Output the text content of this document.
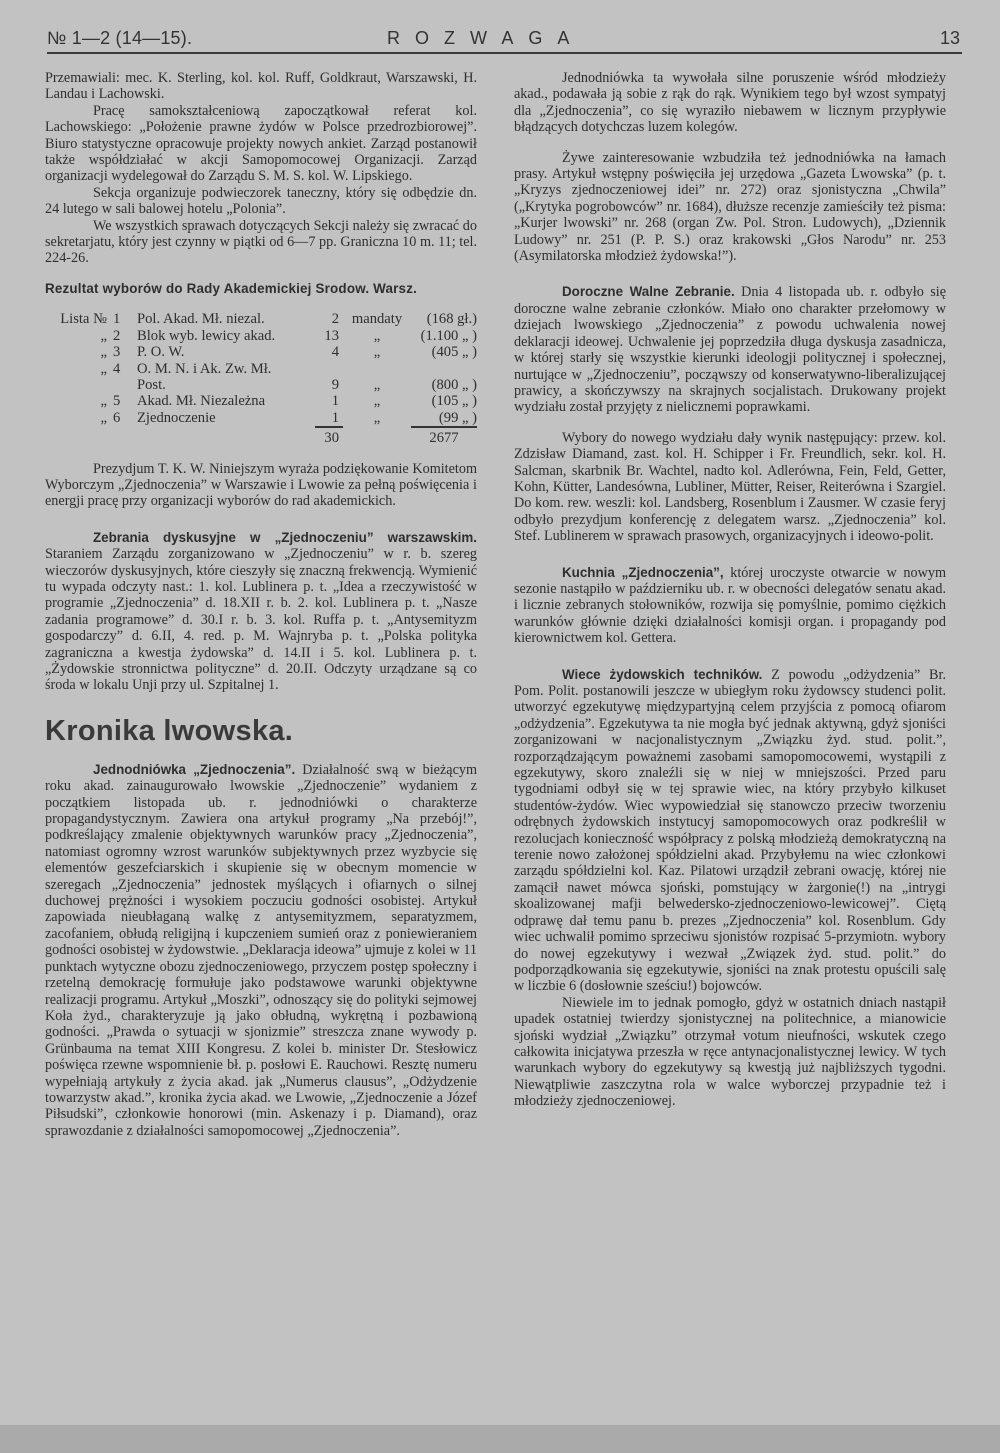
№ 1—2 (14—15).	ROZWAGA	13

Przemawiali: mec. K. Sterling, kol. kol. Ruff, Goldkraut, Warszawski, H. Landau i Lachowski.

Pracę samokształceniową zapoczątkował referat kol. Lachowskiego: „Położenie prawne żydów w Polsce przedrozbiorowej”. Biuro statystyczne opracowuje projekty nowych ankiet. Zarząd postanowił także współdziałać w akcji Samopomocowej Organizacji. Zarząd organizacji wydelegował do Zarządu S. M. S. kol. W. Lipskiego.

Sekcja organizuje podwieczorek taneczny, który się odbędzie dn. 24 lutego w sali balowej hotelu „Polonia”.

We wszystkich sprawach dotyczących Sekcji należy się zwracać do sekretarjatu, który jest czynny w piątki od 6—7 pp. Graniczna 10 m. 11; tel. 224-26.

Rezultat wyborów do Rady Akademickiej Srodow. Warsz.
Lista №	1	Pol. Akad. Mł. niezal.	2	mandaty	(168 gł.)
„	2	Blok wyb. lewicy akad.	13	„	(1.100 „ )
„	3	P. O. W.	4	„	(405 „ )
„	4	O. M. N. i Ak. Zw. Mł.			
		Post.	9	„	(800 „ )
„	5	Akad. Mł. Niezależna	1	„	(105 „ )
„	6	Zjednoczenie	1	„	(99 „ )
			30		2677

Prezydjum T. K. W. Niniejszym wyraża podziękowanie Komitetom Wyborczym „Zjednoczenia” w Warszawie i Lwowie za pełną poświęcenia i energji pracę przy organizacji wyborów do rad akademickich.

Zebrania dyskusyjne w „Zjednoczeniu” warszawskim. Staraniem Zarządu zorganizowano w „Zjednoczeniu” w r. b. szereg wieczorów dyskusyjnych, które cieszyły się znaczną frekwencją. Wymienić tu wypada odczyty nast.: 1. kol. Lublinera p. t. „Idea a rzeczywistość w programie „Zjednoczenia” d. 18.XII r. b. 2. kol. Lublinera p. t. „Nasze zadania programowe” d. 30.I r. b. 3. kol. Ruffa p. t. „Antysemityzm gospodarczy” d. 6.II, 4. red. p. M. Wajnryba p. t. „Polska polityka zagraniczna a kwestja żydowska” d. 14.II i 5. kol. Lublinera p. t. „Żydowskie stronnictwa polityczne” d. 20.II. Odczyty urządzane są co środa w lokalu Unji przy ul. Szpitalnej 1.

Kronika lwowska.

Jednodniówka „Zjednoczenia”. Działalność swą w bieżącym roku akad. zainaugurowało lwowskie „Zjednoczenie” wydaniem z początkiem listopada ub. r. jednodniówki o charakterze propagandystycznym. Zawiera ona artykuł programy „Na przebój!”, podkreślający zmalenie objektywnych warunków pracy „Zjednoczenia”, natomiast ogromny wzrost warunków subjektywnych przez wyzbycie się elementów geszefciarskich i skupienie się w obecnym momencie w szeregach „Zjednoczenia” jednostek myślących i ofiarnych o silnej duchowej prężności i wysokiem poczuciu godności osobistej. Artykuł zapowiada nieubłaganą walkę z antysemityzmem, separatyzmem, zacofaniem, obłudą religijną i kupczeniem sumień oraz z poniewieraniem godności osobistej w żydowstwie. „Deklaracja ideowa” ujmuje z kolei w 11 punktach wytyczne obozu zjednoczeniowego, przyczem postęp społeczny i rzetelną demokrację formułuje jako podstawowe warunki objektywne realizacji programu. Artykuł „Moszki”, odnoszący się do polityki sejmowej Koła żyd., charakteryzuje ją jako obłudną, wykrętną i pozbawioną godności. „Prawda o sytuacji w sjonizmie” streszcza znane wywody p. Grünbauma na temat XIII Kongresu. Z kolei b. minister Dr. Stesłowicz poświęca rzewne wspomnienie bł. p. posłowi E. Rauchowi. Resztę numeru wypełniają artykuły z życia akad. jak „Numerus clausus”, „Odżydzenie towarzystw akad.”, kronika życia akad. we Lwowie, „Zjednoczenie a Józef Piłsudski”, członkowie honorowi (min. Askenazy i p. Diamand), oraz sprawozdanie z działalności samopomocowej „Zjednoczenia”.

Jednodniówka ta wywołała silne poruszenie wśród młodzieży akad., podawała ją sobie z rąk do rąk. Wynikiem tego był wzost sympatyj dla „Zjednoczenia”, co się wyraziło niebawem w licznym przypływie błądzących dotychczas luzem kolegów.

Żywe zainteresowanie wzbudziła też jednodniówka na łamach prasy. Artykuł wstępny poświęciła jej urzędowa „Gazeta Lwowska” (p. t. „Kryzys zjednoczeniowej idei” nr. 272) oraz sjonistyczna „Chwila” („Krytyka pogrobowców” nr. 1684), dłuższe recenzje zamieściły też pisma: „Kurjer lwowski” nr. 268 (organ Zw. Pol. Stron. Ludowych), „Dziennik Ludowy” nr. 251 (P. P. S.) oraz krakowski „Głos Narodu” nr. 253 (Asymilatorska młodzież żydowska!”).

Doroczne Walne Zebranie. Dnia 4 listopada ub. r. odbyło się doroczne walne zebranie członków. Miało ono charakter przełomowy w dziejach lwowskiego „Zjednoczenia” z powodu uchwalenia nowej deklaracji ideowej. Uchwalenie jej poprzedziła długa dyskusja zasadnicza, w której starły się wszystkie kierunki ideologji politycznej i społecznej, nurtujące w „Zjednoczeniu”, począwszy od konserwatywno-liberalizującej prawicy, a skończywszy na skrajnych socjalistach. Drukowany projekt wydziału został przyjęty z nielicznemi poprawkami.

Wybory do nowego wydziału dały wynik następujący: przew. kol. Zdzisław Diamand, zast. kol. H. Schipper i Fr. Freundlich, sekr. kol. H. Salcman, skarbnik Br. Wachtel, nadto kol. Adlerówna, Fein, Feld, Getter, Kohn, Kütter, Landesówna, Lubliner, Mütter, Reiser, Reiterówna i Szargiel. Do kom. rew. weszli: kol. Landsberg, Rosenblum i Zausmer. W czasie feryj odbyło prezydjum konferencję z delegatem warsz. „Zjednoczenia” kol. Stef. Lublinerem w sprawach prasowych, organizacyjnych i ideowo-polit.

Kuchnia „Zjednoczenia”, której uroczyste otwarcie w nowym sezonie nastąpiło w październiku ub. r. w obecności delegatów senatu akad. i licznie zebranych stołowników, rozwija się pomyślnie, pomimo ciężkich warunków głównie dzięki działalności komisji organ. i propagandy pod kierownictwem kol. Gettera.

Wiece żydowskich techników. Z powodu „odżydzenia” Br. Pom. Polit. postanowili jeszcze w ubiegłym roku żydowscy studenci polit. utworzyć egzekutywę międzypartyjną celem przyjścia z pomocą ofiarom „odżydzenia”. Egzekutywa ta nie mogła być jednak aktywną, gdyż sjoniści zorganizowani w nacjonalistycznym „Związku żyd. stud. polit.”, rozporządzającym poważnemi zasobami samopomocowemi, wystąpili z egzekutywy, skoro znaleźli się w niej w mniejszości. Przed paru tygodniami odbył się w tej sprawie wiec, na który przybyło kilkuset studentów-żydów. Wiec wypowiedział się stanowczo przeciw tworzeniu odrębnych żydowskich instytucyj samopomocowych oraz podkreślił w rezolucjach konieczność współpracy z polską młodzieżą demokratyczną na terenie nowo założonej spółdzielni akad. Przybyłemu na wiec członkowi zarządu spółdzielni kol. Kaz. Pilatowi urządził zebrani owację, której nie zamącił nawet mówca sjoński, pomstujący w żargonie(!) na „intrygi skoalizowanej mafji belwedersko-zjednoczeniowo-lewicowej”. Ciętą odprawę dał temu panu b. prezes „Zjednoczenia” kol. Rosenblum. Gdy wiec uchwalił pomimo sprzeciwu sjonistów rozpisać 5-przymiotn. wybory do nowej egzekutywy i wezwał „Związek żyd. stud. polit.” do podporządkowania się egzekutywie, sjoniści na znak protestu opuścili salę w liczbie 6 (dosłownie sześciu!) bojowców.

Niewiele im to jednak pomogło, gdyż w ostatnich dniach nastąpił upadek ostatniej twierdzy sjonistycznej na politechnice, a mianowicie sjoński wydział „Związku” otrzymał votum nieufności, wskutek czego całkowita inicjatywa przeszła w ręce antynacjonalistycznej lewicy. W tych warunkach wybory do egzekutywy są kwestją już najbliższych tygodni. Niewątpliwie zaszczytna rola w walce wyborczej przypadnie też i młodzieży zjednoczeniowej.
